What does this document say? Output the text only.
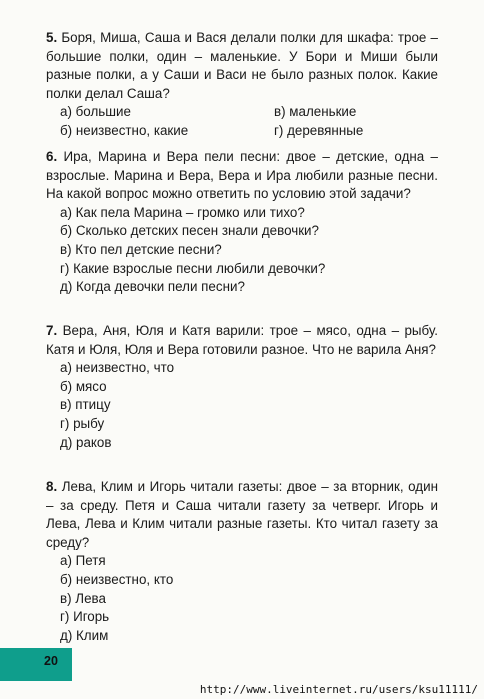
5. Боря, Миша, Саша и Вася делали полки для шкафа: трое – большие полки, один – маленькие. У Бори и Миши были разные полки, а у Саши и Васи не было разных полок. Какие полки делал Саша?

а) большие	в) маленькие
б) неизвестно, какие	г) деревянные

6. Ира, Марина и Вера пели песни: двое – детские, одна – взрослые. Марина и Вера, Вера и Ира любили разные песни. На какой вопрос можно ответить по условию этой задачи?

а) Как пела Марина – громко или тихо?
б) Сколько детских песен знали девочки?
в) Кто пел детские песни?
г) Какие взрослые песни любили девочки?
д) Когда девочки пели песни?

7. Вера, Аня, Юля и Катя варили: трое – мясо, одна – рыбу. Катя и Юля, Юля и Вера готовили разное. Что не варила Аня?

а) неизвестно, что
б) мясо
в) птицу
г) рыбу
д) раков

8. Лева, Клим и Игорь читали газеты: двое – за вторник, один – за среду. Петя и Саша читали газету за четверг. Игорь и Лева, Лева и Клим читали разные газеты. Кто читал газету за среду?

а) Петя
б) неизвестно, кто
в) Лева
г) Игорь
д) Клим
20
http://www.liveinternet.ru/users/ksu11111/
